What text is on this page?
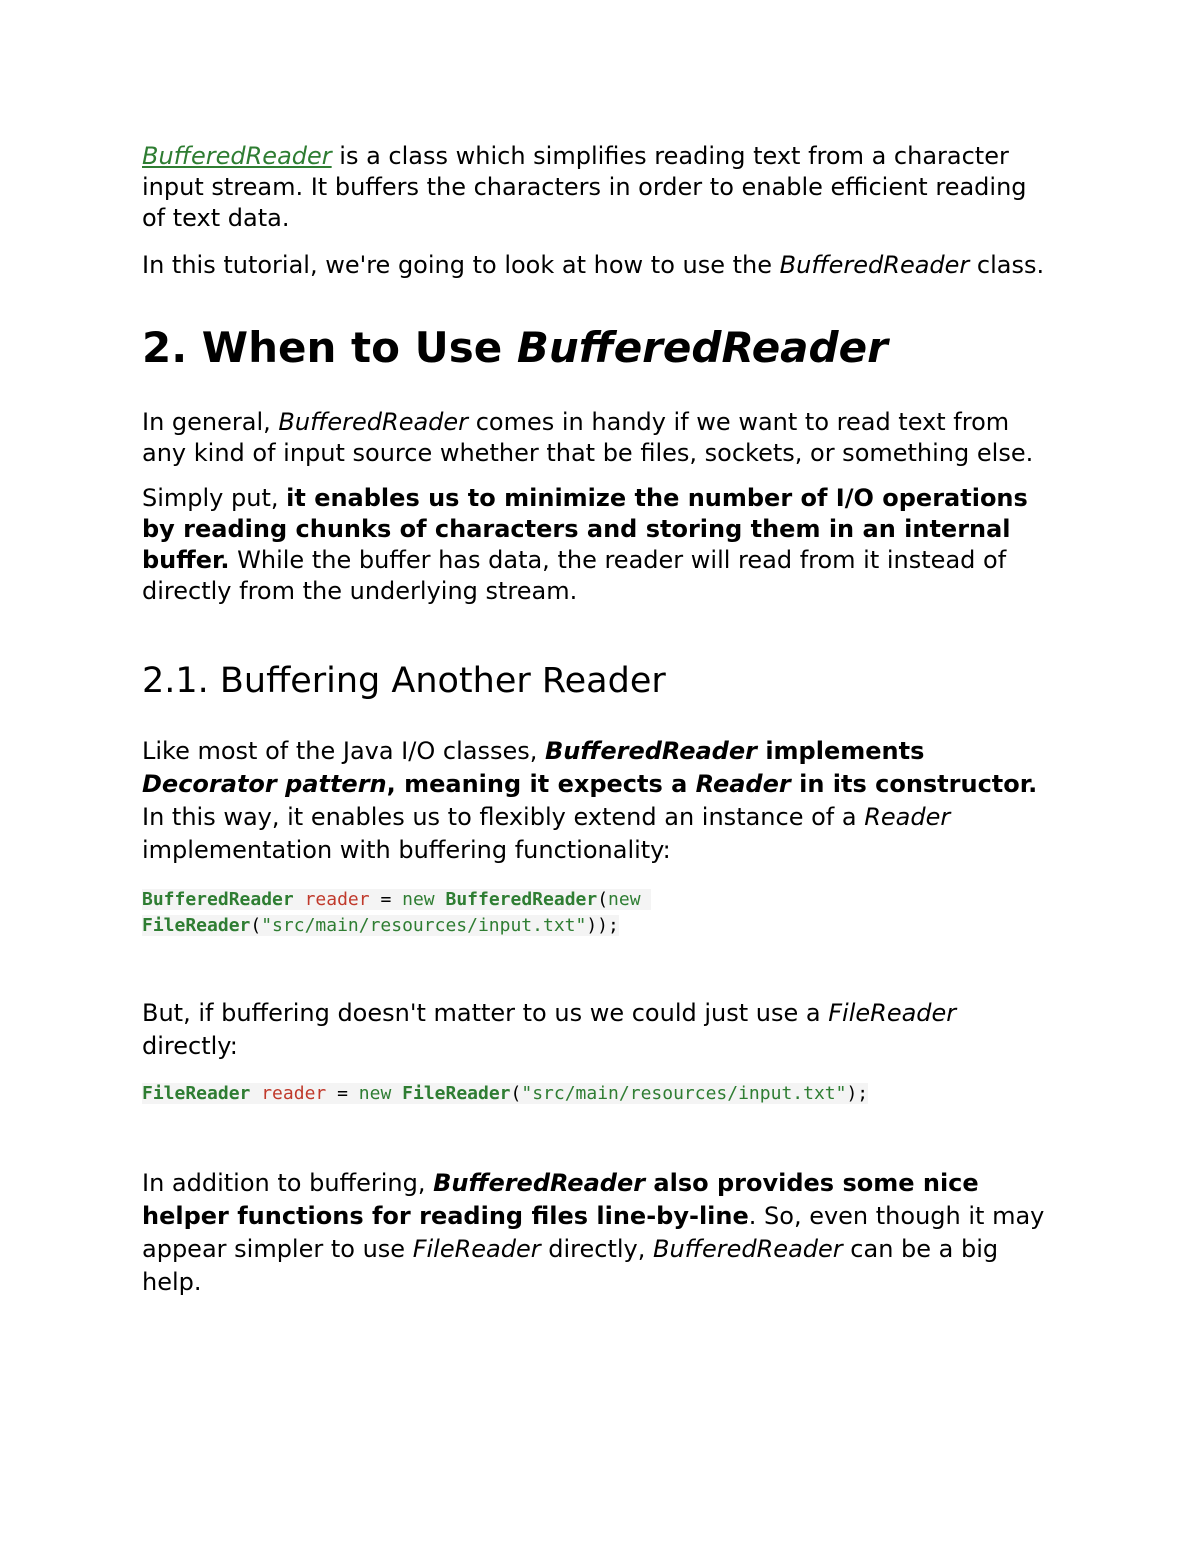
BufferedReader is a class which simplifies reading text from a character input stream. It buffers the characters in order to enable efficient reading of text data.

In this tutorial, we're going to look at how to use the BufferedReader class.

2. When to Use BufferedReader

In general, BufferedReader comes in handy if we want to read text from any kind of input source whether that be files, sockets, or something else.

Simply put, it enables us to minimize the number of I/O operations by reading chunks of characters and storing them in an internal buffer. While the buffer has data, the reader will read from it instead of directly from the underlying stream.

2.1. Buffering Another Reader

Like most of the Java I/O classes, BufferedReader implements Decorator pattern, meaning it expects a Reader in its constructor. In this way, it enables us to flexibly extend an instance of a Reader implementation with buffering functionality:

BufferedReader reader = new BufferedReader(new
FileReader("src/main/resources/input.txt"));

But, if buffering doesn't matter to us we could just use a FileReader directly:

FileReader reader = new FileReader("src/main/resources/input.txt");

In addition to buffering, BufferedReader also provides some nice helper functions for reading files line-by-line. So, even though it may appear simpler to use FileReader directly, BufferedReader can be a big help.
